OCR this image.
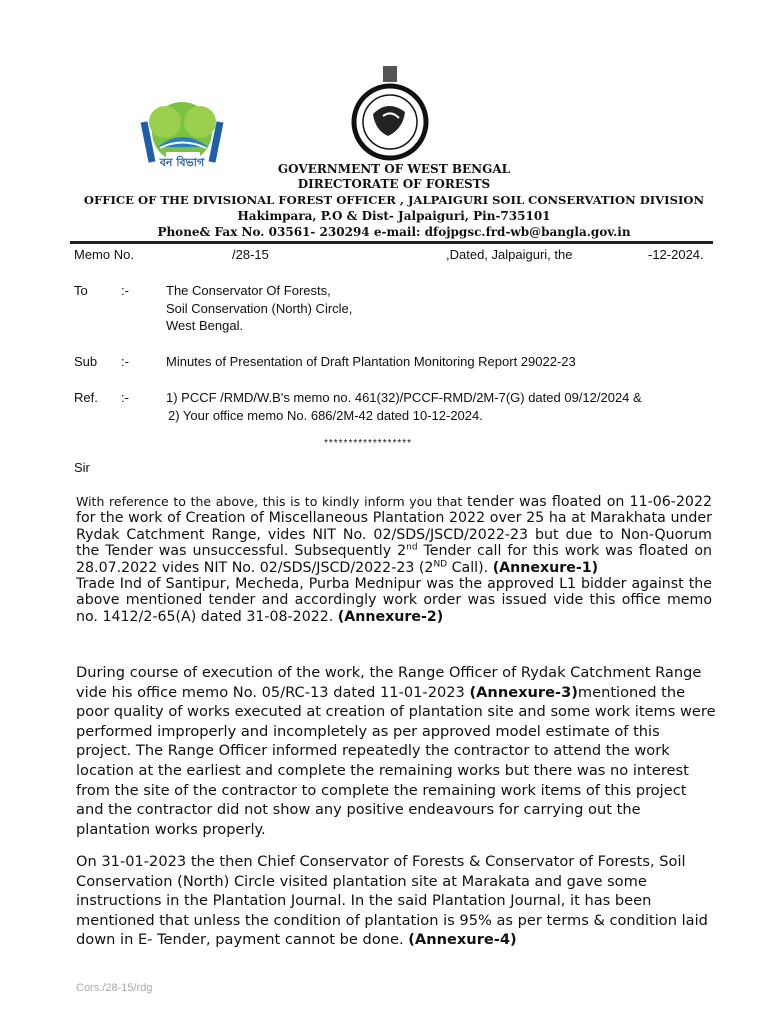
বন বিভাগ	GOVERNMENT OF WEST BENGAL
DIRECTORATE OF FORESTS
OFFICE OF THE DIVISIONAL FOREST OFFICER , JALPAIGURI SOIL CONSERVATION DIVISION
Hakimpara, P.O & Dist- Jalpaiguri, Pin-735101
Phone& Fax No. 03561- 230294 e-mail: dfojpgsc.frd-wb@bangla.gov.in
Memo No.	/28-15	,Dated, Jalpaiguri, the	-12-2024.
To	:-	The Conservator Of Forests,
Soil Conservation (North) Circle,
West Bengal.
Sub :-	Minutes of Presentation of Draft Plantation Monitoring Report 29022-23
Ref. :-	1) PCCF /RMD/W.B's memo no. 461(32)/PCCF-RMD/2M-7(G) dated 09/12/2024 &
2) Your office memo No. 686/2M-42 dated 10-12-2024.
******************
Sir
With reference to the above, this is to kindly inform you that tender was floated on 11-06-2022 for the work of Creation of Miscellaneous Plantation 2022 over 25 ha at Marakhata under Rydak Catchment Range, vides NIT No. 02/SDS/JSCD/2022-23 but due to Non-Quorum the Tender was unsuccessful. Subsequently 2nd Tender call for this work was floated on 28.07.2022 vides NIT No. 02/SDS/JSCD/2022-23 (2ND Call). (Annexure-1)
Trade Ind of Santipur, Mecheda, Purba Mednipur was the approved L1 bidder against the above mentioned tender and accordingly work order was issued vide this office memo no. 1412/2-65(A) dated 31-08-2022. (Annexure-2)
During course of execution of the work, the Range Officer of Rydak Catchment Range vide his office memo No. 05/RC-13 dated 11-01-2023 (Annexure-3)mentioned the poor quality of works executed at creation of plantation site and some work items were performed improperly and incompletely as per approved model estimate of this project. The Range Officer informed repeatedly the contractor to attend the work location at the earliest and complete the remaining works but there was no interest from the site of the contractor to complete the remaining work items of this project and the contractor did not show any positive endeavours for carrying out the plantation works properly.
On 31-01-2023 the then Chief Conservator of Forests & Conservator of Forests, Soil Conservation (North) Circle visited plantation site at Marakata and gave some instructions in the Plantation Journal. In the said Plantation Journal, it has been mentioned that unless the condition of plantation is 95% as per terms & condition laid down in E- Tender, payment cannot be done. (Annexure-4)
Cors./28-15/rdg
